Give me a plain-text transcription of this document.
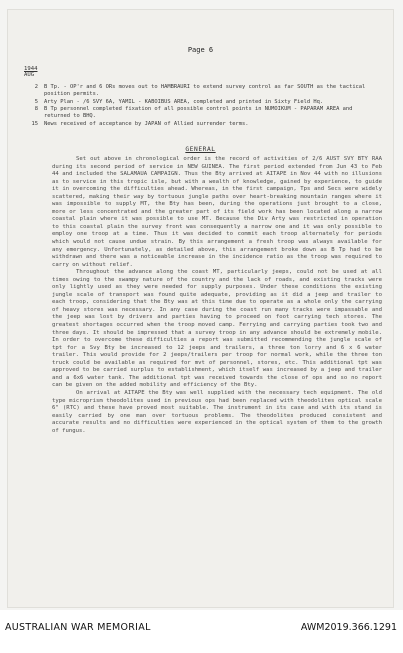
Page 6
1944
AUG
2 B Tp. - OP'r and 6 ORs moves out to HAMBRAURI to extend survey control as far SOUTH as the tactical position permits.
5 Arty Plan - /6 SVY 6A, YAMIL - KABOIBUS AREA, completed and printed in Sixty Field Hq.
8 B Tp personnel completed fixation of all possible control points in NUMOIKUM - PAPARAM AREA and returned to BHQ.
15 News received of acceptance by JAPAN of Allied surrender terms.
GENERAL

Set out above in chronological order is the record of activities of 2/6 AUST SVY BTY RAA during its second period of service in NEW GUINEA. The first period extended from Jun 43 to Feb 44 and included the SALAMAUA CAMPAIGN. Thus the Bty arrived at AITAPE in Nov 44 with no illusions as to service in this tropic isle, but with a wealth of knowledge, gained by experience, to guide it in overcoming the difficulties ahead. Whereas, in the first campaign, Tps and Secs were widely scattered, making their way by tortuous jungle paths over heart-breaking mountain ranges where it was impossible to supply MT, the Bty has been, during the operations just brought to a close, more or less concentrated and the greater part of its field work has been located along a narrow coastal plain where it was possible to use MT. Because the Div Arty was restricted in operation to this coastal plain the survey front was consequently a narrow one and it was only possible to employ one troop at a time. Thus it was decided to commit each troop alternately for periods which would not cause undue strain. By this arrangement a fresh troop was always available for any emergency. Unfortunately, as detailed above, this arrangement broke down as B Tp had to be withdrawn and there was a noticeable increase in the incidence ratio as the troop was required to carry on without relief.

Throughout the advance along the coast MT, particularly jeeps, could not be used at all times owing to the swampy nature of the country and the lack of roads, and existing tracks were only lightly used as they were needed for supply purposes. Under these conditions the existing jungle scale of transport was found quite adequate, providing as it did a jeep and trailer to each troop, considering that the Bty was at this time due to operate as a whole only the carrying of heavy stores was necessary. In any case during the coast run many tracks were impassable and the jeep was lost by drivers and parties having to proceed on foot carrying tech stores. The greatest shortages occurred when the troop moved camp. Ferrying and carrying parties took two and three days. It should be impressed that a survey troop in any advance should be extremely mobile. In order to overcome these difficulties a report was submitted recommending the jungle scale of tpt for a Svy Bty be increased to 12 jeeps and trailers, a three ton lorry and 6 x 6 water trailer. This would provide for 2 jeeps/trailers per troop for normal work, while the three ton truck could be available as required for mvt of personnel, stores, etc. This additional tpt was approved to be carried surplus to establishment, which itself was increased by a jeep and trailer and a 6x6 water tank. The additional tpt was received towards the close of ops and so no report can be given on the added mobility and efficiency of the Bty.

On arrival at AITAPE the Bty was well supplied with the necessary tech equipment. The old type microprism theodolites used in previous ops had been replaced with theodolites optical scale 6" (RTC) and these have proved most suitable. The instrument in its case and with its stand is easily carried by one man over tortuous problems. The theodolites produced consistent and accurate results and no difficulties were experienced in the optical system of them to the growth of fungus.

AUSTRALIAN WAR MEMORIAL	AWM2019.366.1291
